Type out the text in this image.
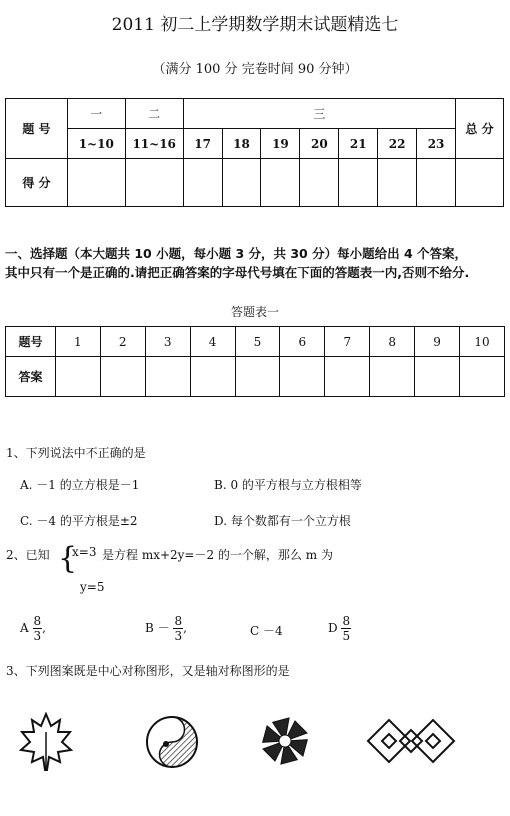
2011 初二上学期数学期末试题精选七
（满分 100 分 完卷时间 90 分钟）
题 号	一	二	三							总 分
	1~10	11~16	17	18	19	20	21	22	23	
得 分										
一、选择题（本大题共 10 小题，每小题 3 分，共 30 分）每小题给出 4 个答案，
其中只有一个是正确的.请把正确答案的字母代号填在下面的答题表一内,否则不给分.
答题表一
题号	1	2	3	4	5	6	7	8	9	10
答案										
1、下列说法中不正确的是
A. －1 的立方根是－1	B. 0 的平方根与立方根相等
C. －4 的平方根是±2	D. 每个数都有一个立方根
2、已知 {
x=3
y=5
是方程 mx+2y=－2 的一个解，那么 m 为
A $\frac{8}{3}$ ,	$B - \frac{8}{3}$ ,	C －4	D $\frac{8}{5}$
3、下列图案既是中心对称图形，又是轴对称图形的是
